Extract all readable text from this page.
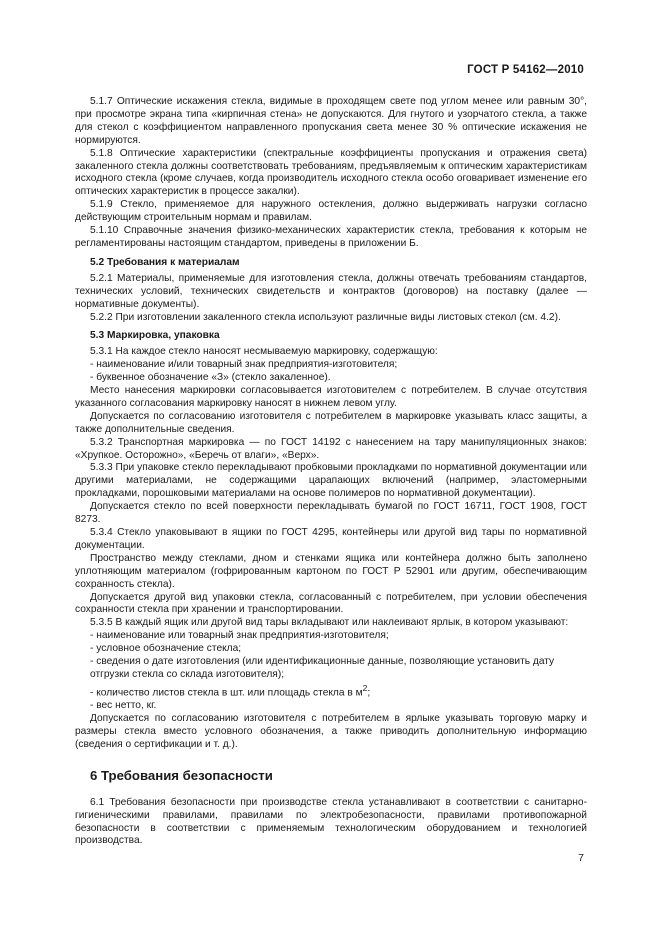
ГОСТ Р 54162—2010

5.1.7 Оптические искажения стекла, видимые в проходящем свете под углом менее или равным 30°, при просмотре экрана типа «кирпичная стена» не допускаются. Для гнутого и узорчатого стекла, а также для стекол с коэффициентом направленного пропускания света менее 30 % оптические искажения не нормируются.

5.1.8 Оптические характеристики (спектральные коэффициенты пропускания и отражения света) закаленного стекла должны соответствовать требованиям, предъявляемым к оптическим характеристикам исходного стекла (кроме случаев, когда производитель исходного стекла особо оговаривает изменение его оптических характеристик в процессе закалки).

5.1.9 Стекло, применяемое для наружного остекления, должно выдерживать нагрузки согласно действующим строительным нормам и правилам.

5.1.10 Справочные значения физико-механических характеристик стекла, требования к которым не регламентированы настоящим стандартом, приведены в приложении Б.

5.2 Требования к материалам

5.2.1 Материалы, применяемые для изготовления стекла, должны отвечать требованиям стандартов, технических условий, технических свидетельств и контрактов (договоров) на поставку (далее — нормативные документы).

5.2.2 При изготовлении закаленного стекла используют различные виды листовых стекол (см. 4.2).

5.3 Маркировка, упаковка

5.3.1 На каждое стекло наносят несмываемую маркировку, содержащую:

- наименование и/или товарный знак предприятия-изготовителя;

- буквенное обозначение «З» (стекло закаленное).

Место нанесения маркировки согласовывается изготовителем с потребителем. В случае отсутствия указанного согласования маркировку наносят в нижнем левом углу.

Допускается по согласованию изготовителя с потребителем в маркировке указывать класс защиты, а также дополнительные сведения.

5.3.2 Транспортная маркировка — по ГОСТ 14192 с нанесением на тару манипуляционных знаков: «Хрупкое. Осторожно», «Беречь от влаги», «Верх».

5.3.3 При упаковке стекло перекладывают пробковыми прокладками по нормативной документации или другими материалами, не содержащими царапающих включений (например, эластомерными прокладками, порошковыми материалами на основе полимеров по нормативной документации).

Допускается стекло по всей поверхности перекладывать бумагой по ГОСТ 16711, ГОСТ 1908, ГОСТ 8273.

5.3.4 Стекло упаковывают в ящики по ГОСТ 4295, контейнеры или другой вид тары по нормативной документации.

Пространство между стеклами, дном и стенками ящика или контейнера должно быть заполнено уплотняющим материалом (гофрированным картоном по ГОСТ Р 52901 или другим, обеспечивающим сохранность стекла).

Допускается другой вид упаковки стекла, согласованный с потребителем, при условии обеспечения сохранности стекла при хранении и транспортировании.

5.3.5 В каждый ящик или другой вид тары вкладывают или наклеивают ярлык, в котором указывают:

- наименование или товарный знак предприятия-изготовителя;

- условное обозначение стекла;

- сведения о дате изготовления (или идентификационные данные, позволяющие установить дату отгрузки стекла со склада изготовителя);

- количество листов стекла в шт. или площадь стекла в $м^2$;

- вес нетто, кг.

Допускается по согласованию изготовителя с потребителем в ярлыке указывать торговую марку и размеры стекла вместо условного обозначения, а также приводить дополнительную информацию (сведения о сертификации и т. д.).

6 Требования безопасности

6.1 Требования безопасности при производстве стекла устанавливают в соответствии с санитарно-гигиеническими правилами, правилами по электробезопасности, правилами противопожарной безопасности в соответствии с применяемым технологическим оборудованием и технологией производства.

7
